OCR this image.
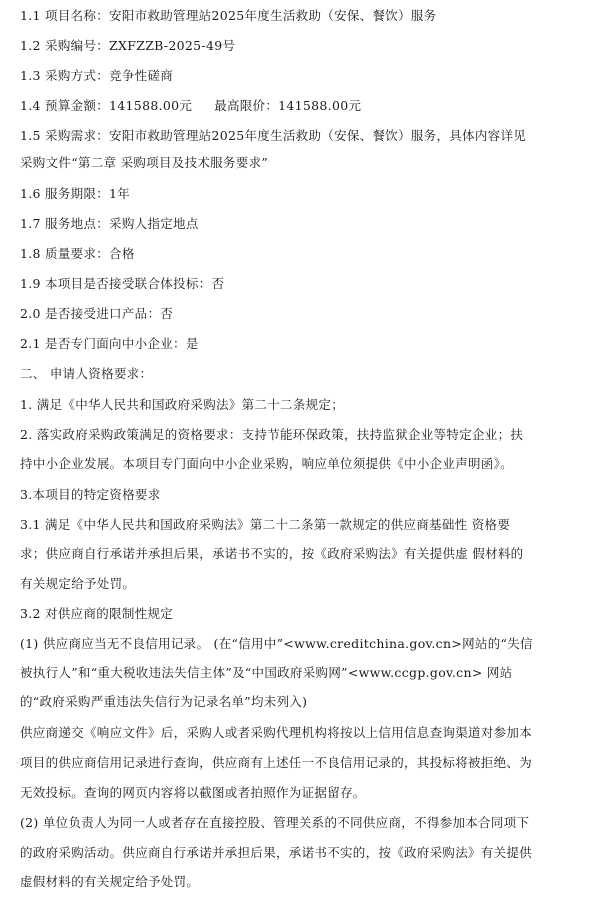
1.1 项目名称：安阳市救助管理站2025年度生活救助（安保、餐饮）服务
1.2 采购编号：ZXFZZB-2025-49号
1.3 采购方式：竞争性磋商
1.4 预算金额：141588.00元 最高限价：141588.00元
1.5 采购需求：安阳市救助管理站2025年度生活救助（安保、餐饮）服务，具体内容详见
采购文件“第二章 采购项目及技术服务要求”
1.6 服务期限：1年
1.7 服务地点：采购人指定地点
1.8 质量要求：合格
1.9 本项目是否接受联合体投标：否
2.0 是否接受进口产品：否
2.1 是否专门面向中小企业：是
二、 申请人资格要求：
1. 满足《中华人民共和国政府采购法》第二十二条规定；
2. 落实政府采购政策满足的资格要求：支持节能环保政策，扶持监狱企业等特定企业；扶
持中小企业发展。本项目专门面向中小企业采购，响应单位须提供《中小企业声明函》。
3.本项目的特定资格要求
3.1 满足《中华人民共和国政府采购法》第二十二条第一款规定的供应商基础性 资格要
求；供应商自行承诺并承担后果，承诺书不实的，按《政府采购法》有关提供虚 假材料的
有关规定给予处罚。
3.2 对供应商的限制性规定
(1) 供应商应当无不良信用记录。 (在“信用中”<www.creditchina.gov.cn>网站的“失信
被执行人”和“重大税收违法失信主体”及“中国政府采购网”<www.ccgp.gov.cn> 网站
的“政府采购严重违法失信行为记录名单”均未列入)
供应商递交《响应文件》后，采购人或者采购代理机构将按以上信用信息查询渠道对参加本
项目的供应商信用记录进行查询，供应商有上述任一不良信用记录的，其投标将被拒绝、为
无效投标。查询的网页内容将以截图或者拍照作为证据留存。
(2) 单位负责人为同一人或者存在直接控股、管理关系的不同供应商，不得参加本合同项下
的政府采购活动。供应商自行承诺并承担后果，承诺书不实的，按《政府采购法》有关提供
虚假材料的有关规定给予处罚。
